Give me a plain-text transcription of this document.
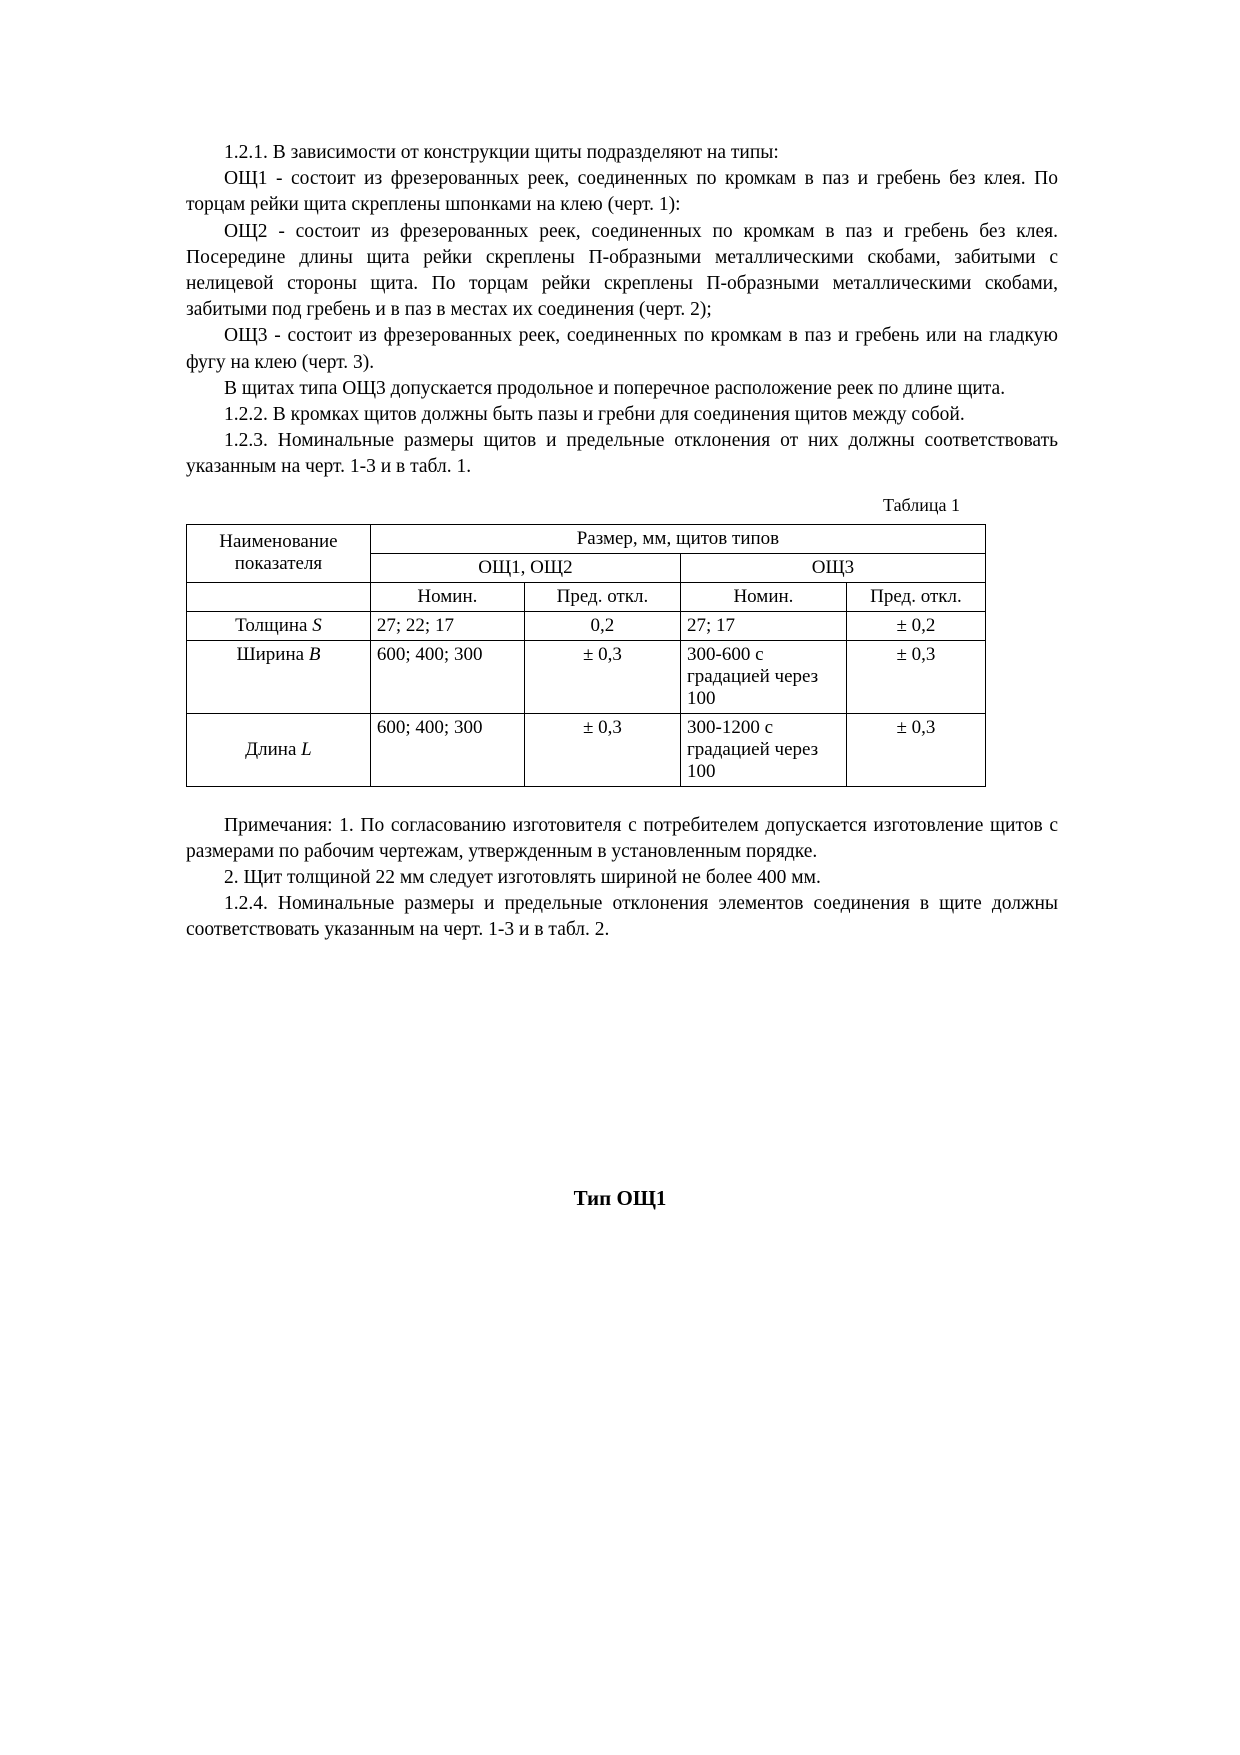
1.2.1. В зависимости от конструкции щиты подразделяют на типы:

ОЩ1 - состоит из фрезерованных реек, соединенных по кромкам в паз и гребень без клея. По торцам рейки щита скреплены шпонками на клею (черт. 1):

ОЩ2 - состоит из фрезерованных реек, соединенных по кромкам в паз и гребень без клея. Посередине длины щита рейки скреплены П-образными металлическими скобами, забитыми с нелицевой стороны щита. По торцам рейки скреплены П-образными металлическими скобами, забитыми под гребень и в паз в местах их соединения (черт. 2);

ОЩ3 - состоит из фрезерованных реек, соединенных по кромкам в паз и гребень или на гладкую фугу на клею (черт. 3).

В щитах типа ОЩ3 допускается продольное и поперечное расположение реек по длине щита.

1.2.2. В кромках щитов должны быть пазы и гребни для соединения щитов между собой.

1.2.3. Номинальные размеры щитов и предельные отклонения от них должны соответствовать указанным на черт. 1-3 и в табл. 1.

Таблица 1
Наименование
показателя	Размер, мм, щитов типов			
	ОЩ1, ОЩ2		ОЩ3	
	Номин.	Пред. откл.	Номин.	Пред. откл.
Толщина S	27; 22; 17	0,2	27; 17	± 0,2
Ширина B	600; 400; 300	± 0,3	300-600 с градацией через 100	± 0,3
Длина L	600; 400; 300	± 0,3	300-1200 с градацией через 100	± 0,3

Примечания: 1. По согласованию изготовителя с потребителем допускается изготовление щитов с размерами по рабочим чертежам, утвержденным в установленным порядке.

2. Щит толщиной 22 мм следует изготовлять шириной не более 400 мм.

1.2.4. Номинальные размеры и предельные отклонения элементов соединения в щите должны соответствовать указанным на черт. 1-3 и в табл. 2.

Тип ОЩ1
